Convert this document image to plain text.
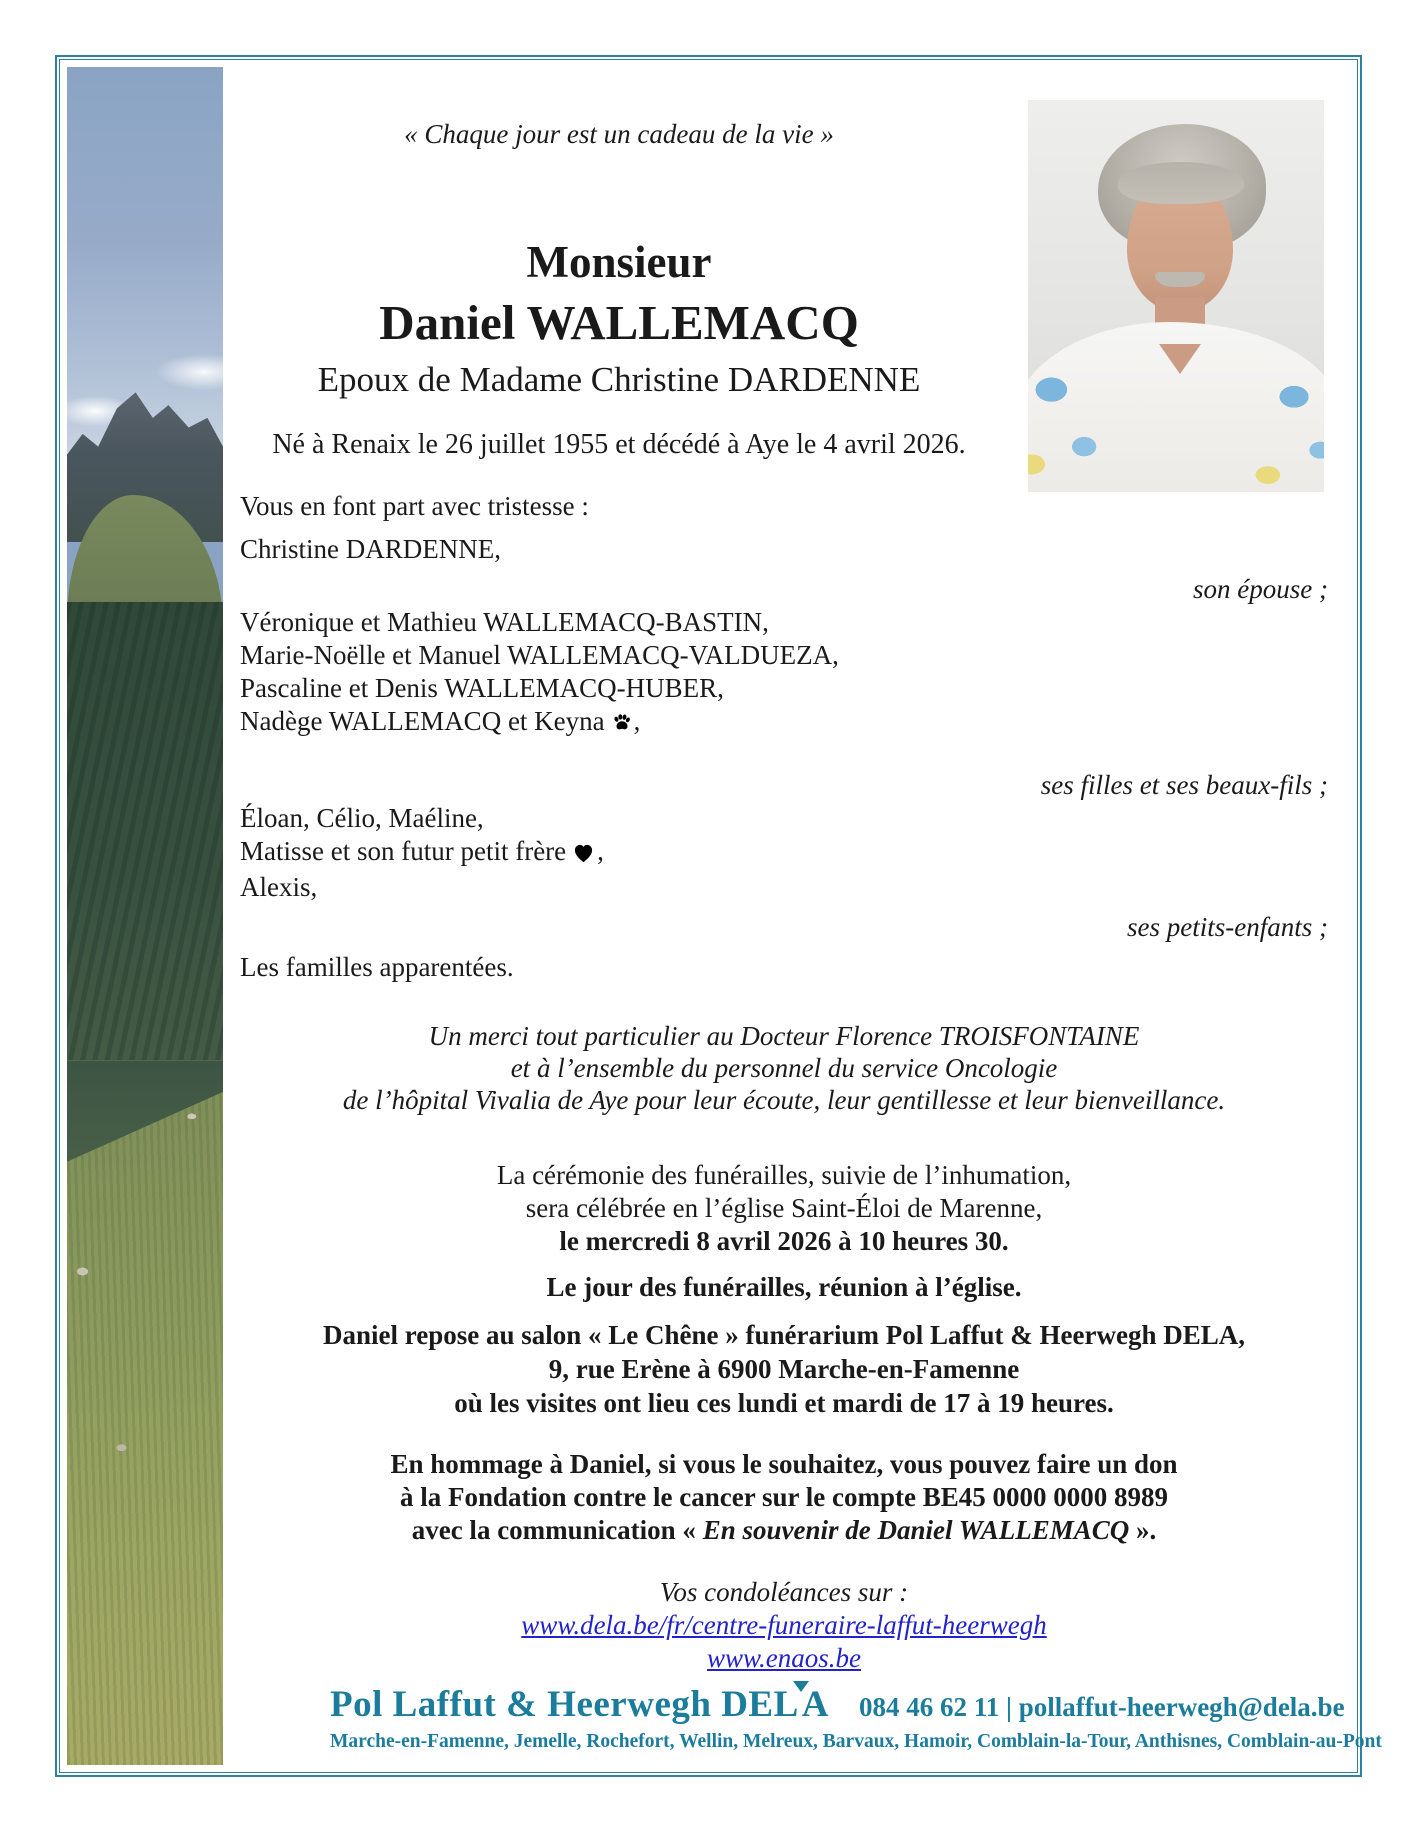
« Chaque jour est un cadeau de la vie »
Monsieur
Daniel WALLEMACQ
Epoux de Madame Christine DARDENNE
Né à Renaix le 26 juillet 1955 et décédé à Aye le 4 avril 2026.
Vous en font part avec tristesse :
Christine DARDENNE,
son épouse ;
Véronique et Mathieu WALLEMACQ-BASTIN,
Marie-Noëlle et Manuel WALLEMACQ-VALDUEZA,
Pascaline et Denis WALLEMACQ-HUBER,
Nadège WALLEMACQ et Keyna ,
ses filles et ses beaux-fils ;
Éloan, Célio, Maéline,
Matisse et son futur petit frère ,
Alexis,
ses petits-enfants ;
Les familles apparentées.
Un merci tout particulier au Docteur Florence TROISFONTAINE
et à l’ensemble du personnel du service Oncologie
de l’hôpital Vivalia de Aye pour leur écoute, leur gentillesse et leur bienveillance.
La cérémonie des funérailles, suivie de l’inhumation,
sera célébrée en l’église Saint-Éloi de Marenne,
le mercredi 8 avril 2026 à 10 heures 30.
Le jour des funérailles, réunion à l’église.
Daniel repose au salon « Le Chêne » funérarium Pol Laffut & Heerwegh DELA,
9, rue Erène à 6900 Marche-en-Famenne
où les visites ont lieu ces lundi et mardi de 17 à 19 heures.
En hommage à Daniel, si vous le souhaitez, vous pouvez faire un don
à la Fondation contre le cancer sur le compte BE45 0000 0000 8989
avec la communication « En souvenir de Daniel WALLEMACQ ».
Vos condoléances sur :
www.dela.be/fr/centre-funeraire-laffut-heerwegh
www.enaos.be
Pol Laffut & Heerwegh DELA 084 46 62 11 | pollaffut-heerwegh@dela.be
Marche-en-Famenne, Jemelle, Rochefort, Wellin, Melreux, Barvaux, Hamoir, Comblain-la-Tour, Anthisnes, Comblain-au-Pont
